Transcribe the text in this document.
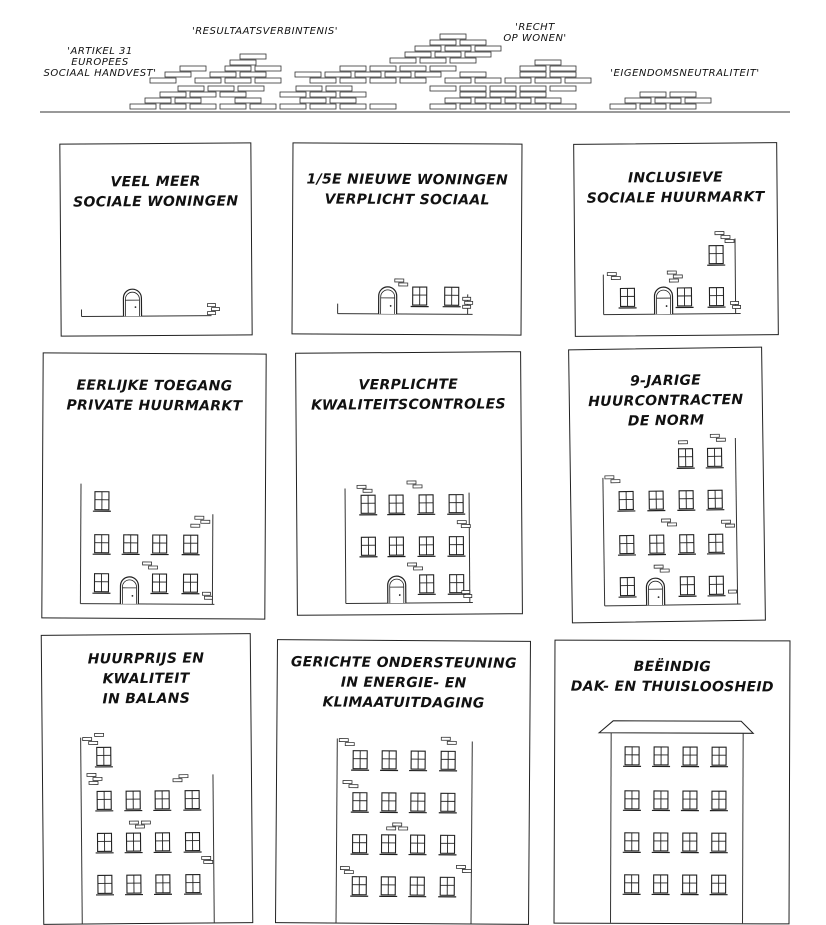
'ARTIKEL 31
EUROPEES
SOCIAAL HANDVEST'
'RESULTAATSVERBINTENIS'	'RECHT
OP WONEN'
'EIGENDOMSNEUTRALITEIT'
VEEL MEER
SOCIALE WONINGEN
1/5E NIEUWE WONINGEN
VERPLICHT SOCIAAL
INCLUSIEVE
SOCIALE HUURMARKT
EERLIJKE TOEGANG
PRIVATE HUURMARKT
VERPLICHTE
KWALITEITSCONTROLES
9-JARIGE
HUURCONTRACTEN
DE NORM
HUURPRIJS EN
KWALITEIT
IN BALANS
GERICHTE ONDERSTEUNING
IN ENERGIE- EN
KLIMAATUITDAGING
BEËINDIG
DAK- EN THUISLOOSHEID
